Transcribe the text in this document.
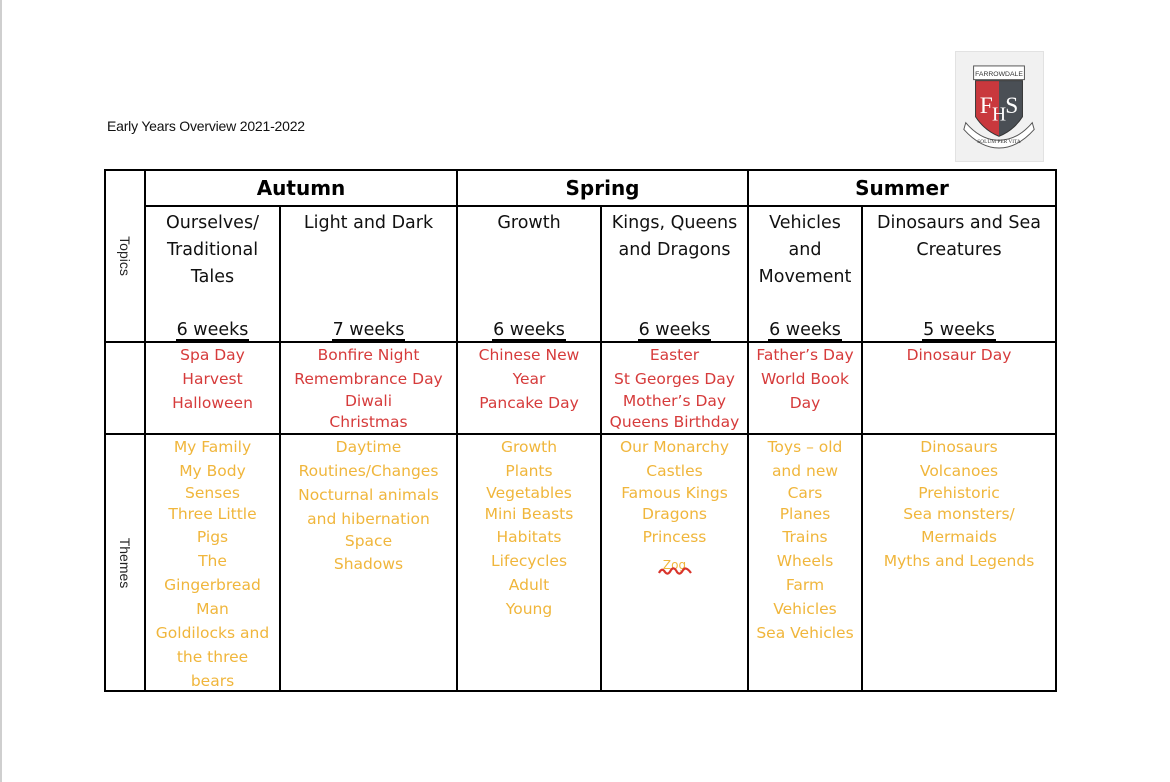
Early Years Overview 2021-2022
FARROWDALE
F H S
SOLUM PER VITA
Topics
Themes
Autumn	Spring	Summer
Ourselves/
Traditional
Tales
6 weeks
Spa Day
Harvest
Halloween
My Family
My Body
Senses
Three Little
Pigs
The
Gingerbread
Man
Goldilocks and
the three
bears
Light and Dark
7 weeks
Bonfire Night
Remembrance Day
Diwali
Christmas
Daytime
Routines/Changes
Nocturnal animals
and hibernation
Space
Shadows
Growth
6 weeks
Chinese New
Year
Pancake Day
Growth
Plants
Vegetables
Mini Beasts
Habitats
Lifecycles
Adult
Young
Kings, Queens
and Dragons
6 weeks
Easter
St Georges Day
Mother’s Day
Queens Birthday
Our Monarchy
Castles
Famous Kings
Dragons
Princess
Zog
Vehicles
and
Movement
6 weeks
Father’s Day
World Book
Day
Toys – old
and new
Cars
Planes
Trains
Wheels
Farm
Vehicles
Sea Vehicles
Dinosaurs and Sea
Creatures
5 weeks
Dinosaur Day
Dinosaurs
Volcanoes
Prehistoric
Sea monsters/
Mermaids
Myths and Legends
